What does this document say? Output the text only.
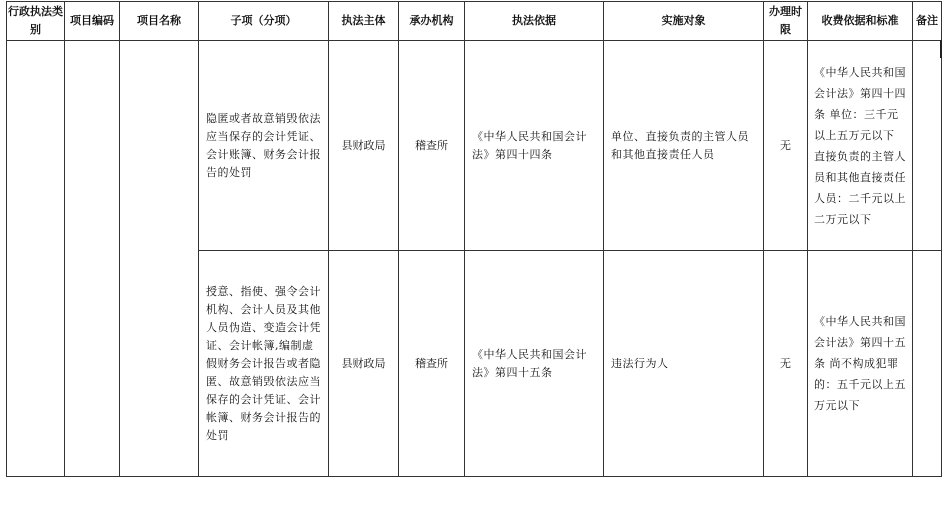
行政执法类别	项目编码	项目名称	子项（分项）	执法主体	承办机构	执法依据	实施对象	办理时限	收费依据和标准	备注
			隐匿或者故意销毁依法应当保存的会计凭证、会计账簿、财务会计报告的处罚	县财政局	稽查所	《中华人民共和国会计法》第四十四条	单位、直接负责的主管人员和其他直接责任人员	无	《中华人民共和国会计法》第四十四条 单位：三千元以上五万元以下 直接负责的主管人员和其他直接责任人员：二千元以上二万元以下	
			授意、指使、强令会计机构、会计人员及其他人员伪造、变造会计凭证、会计帐簿,编制虚假财务会计报告或者隐匿、故意销毁依法应当保存的会计凭证、会计帐簿、财务会计报告的处罚	县财政局	稽查所	《中华人民共和国会计法》第四十五条	违法行为人	无	《中华人民共和国会计法》第四十五条 尚不构成犯罪的：五千元以上五万元以下	
